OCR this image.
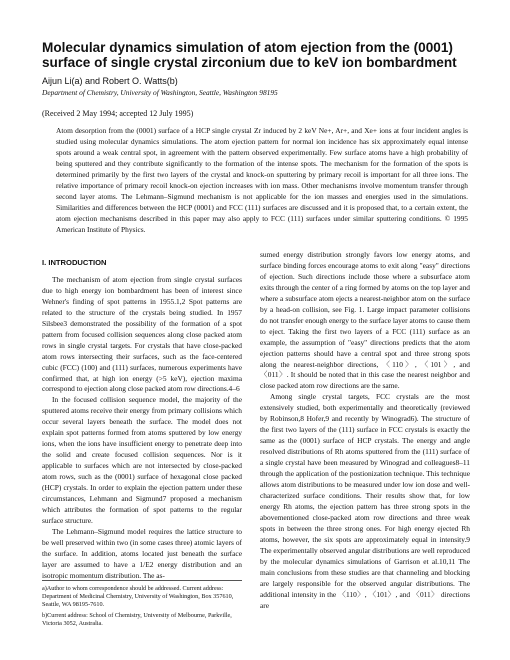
Molecular dynamics simulation of atom ejection from the (0001) surface of single crystal zirconium due to keV ion bombardment
Aijun Li(a) and Robert O. Watts(b)
Department of Chemistry, University of Washington, Seattle, Washington 98195
(Received 2 May 1994; accepted 12 July 1995)

Atom desorption from the (0001) surface of a HCP single crystal Zr induced by 2 keV Ne+, Ar+, and Xe+ ions at four incident angles is studied using molecular dynamics simulations. The atom ejection pattern for normal ion incidence has six approximately equal intense spots around a weak central spot, in agreement with the pattern observed experimentally. Few surface atoms have a high probability of being sputtered and they contribute significantly to the formation of the intense spots. The mechanism for the formation of the spots is determined primarily by the first two layers of the crystal and knock-on sputtering by primary recoil is important for all three ions. The relative importance of primary recoil knock-on ejection increases with ion mass. Other mechanisms involve momentum transfer through second layer atoms. The Lehmann–Sigmund mechanism is not applicable for the ion masses and energies used in the simulations. Similarities and differences between the HCP (0001) and FCC (111) surfaces are discussed and it is proposed that, to a certain extent, the atom ejection mechanisms described in this paper may also apply to FCC (111) surfaces under similar sputtering conditions. © 1995 American Institute of Physics.

I. INTRODUCTION

The mechanism of atom ejection from single crystal surfaces due to high energy ion bombardment has been of interest since Wehner's finding of spot patterns in 1955.1,2 Spot patterns are related to the structure of the crystals being studied. In 1957 Silsbee3 demonstrated the possibility of the formation of a spot pattern from focused collision sequences along close packed atom rows in single crystal targets. For crystals that have close-packed atom rows intersecting their surfaces, such as the face-centered cubic (FCC) (100) and (111) surfaces, numerous experiments have confirmed that, at high ion energy (>5 keV), ejection maxima correspond to ejection along close packed atom row directions.4–6

In the focused collision sequence model, the majority of the sputtered atoms receive their energy from primary collisions which occur several layers beneath the surface. The model does not explain spot patterns formed from atoms sputtered by low energy ions, when the ions have insufficient energy to penetrate deep into the solid and create focused collision sequences. Nor is it applicable to surfaces which are not intersected by close-packed atom rows, such as the (0001) surface of hexagonal close packed (HCP) crystals. In order to explain the ejection pattern under these circumstances, Lehmann and Sigmund7 proposed a mechanism which attributes the formation of spot patterns to the regular surface structure.

The Lehmann–Sigmund model requires the lattice structure to be well preserved within two (in some cases three) atomic layers of the surface. In addition, atoms located just beneath the surface layer are assumed to have a 1/E2 energy distribution and an isotropic momentum distribution. The as-

sumed energy distribution strongly favors low energy atoms, and surface binding forces encourage atoms to exit along "easy" directions of ejection. Such directions include those where a subsurface atom exits through the center of a ring formed by atoms on the top layer and where a subsurface atom ejects a nearest-neighbor atom on the surface by a head-on collision, see Fig. 1. Large impact parameter collisions do not transfer enough energy to the surface layer atoms to cause them to eject. Taking the first two layers of a FCC (111) surface as an example, the assumption of "easy" directions predicts that the atom ejection patterns should have a central spot and three strong spots along the nearest-neighbor directions, 〈110〉, 〈101〉, and 〈011〉. It should be noted that in this case the nearest neighbor and close packed atom row directions are the same.

Among single crystal targets, FCC crystals are the most extensively studied, both experimentally and theoretically (reviewed by Robinson,8 Hofer,9 and recently by Winograd6). The structure of the first two layers of the (111) surface in FCC crystals is exactly the same as the (0001) surface of HCP crystals. The energy and angle resolved distributions of Rh atoms sputtered from the (111) surface of a single crystal have been measured by Winograd and colleagues8–11 through the application of the postionization technique. This technique allows atom distributions to be measured under low ion dose and well-characterized surface conditions. Their results show that, for low energy Rh atoms, the ejection pattern has three strong spots in the abovementioned close-packed atom row directions and three weak spots in between the three strong ones. For high energy ejected Rh atoms, however, the six spots are approximately equal in intensity.9 The experimentally observed angular distributions are well reproduced by the molecular dynamics simulations of Garrison et al.10,11 The main conclusions from these studies are that channeling and blocking are largely responsible for the observed angular distributions. The additional intensity in the 〈110〉, 〈101〉, and 〈011〉 directions are

a)Author to whom correspondence should be addressed. Current address: Department of Medicinal Chemistry, University of Washington, Box 357610, Seattle, WA 98195-7610.
b)Current address: School of Chemistry, University of Melbourne, Parkville, Victoria 3052, Australia.
